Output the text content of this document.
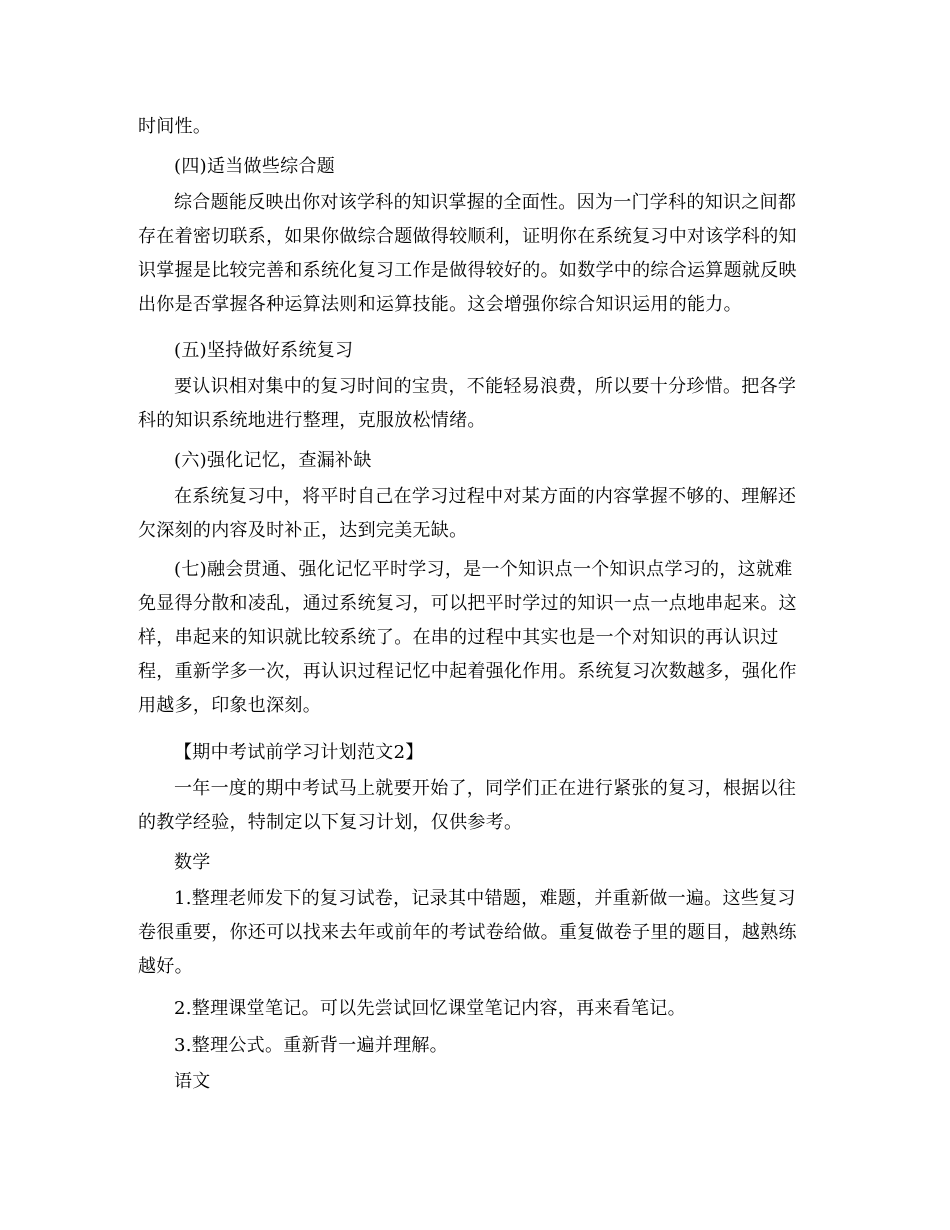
时间性。
(四)适当做些综合题
综合题能反映出你对该学科的知识掌握的全面性。因为一门学科的知识之间都
存在着密切联系，如果你做综合题做得较顺利，证明你在系统复习中对该学科的知
识掌握是比较完善和系统化复习工作是做得较好的。如数学中的综合运算题就反映
出你是否掌握各种运算法则和运算技能。这会增强你综合知识运用的能力。
(五)坚持做好系统复习
要认识相对集中的复习时间的宝贵，不能轻易浪费，所以要十分珍惜。把各学
科的知识系统地进行整理，克服放松情绪。
(六)强化记忆，查漏补缺
在系统复习中，将平时自己在学习过程中对某方面的内容掌握不够的、理解还
欠深刻的内容及时补正，达到完美无缺。
(七)融会贯通、强化记忆平时学习，是一个知识点一个知识点学习的，这就难
免显得分散和凌乱，通过系统复习，可以把平时学过的知识一点一点地串起来。这
样，串起来的知识就比较系统了。在串的过程中其实也是一个对知识的再认识过
程，重新学多一次，再认识过程记忆中起着强化作用。系统复习次数越多，强化作
用越多，印象也深刻。
【期中考试前学习计划范文2】
一年一度的期中考试马上就要开始了，同学们正在进行紧张的复习，根据以往
的教学经验，特制定以下复习计划，仅供参考。
数学
1.整理老师发下的复习试卷，记录其中错题，难题，并重新做一遍。这些复习
卷很重要，你还可以找来去年或前年的考试卷给做。重复做卷子里的题目，越熟练
越好。
2.整理课堂笔记。可以先尝试回忆课堂笔记内容，再来看笔记。
3.整理公式。重新背一遍并理解。
语文
